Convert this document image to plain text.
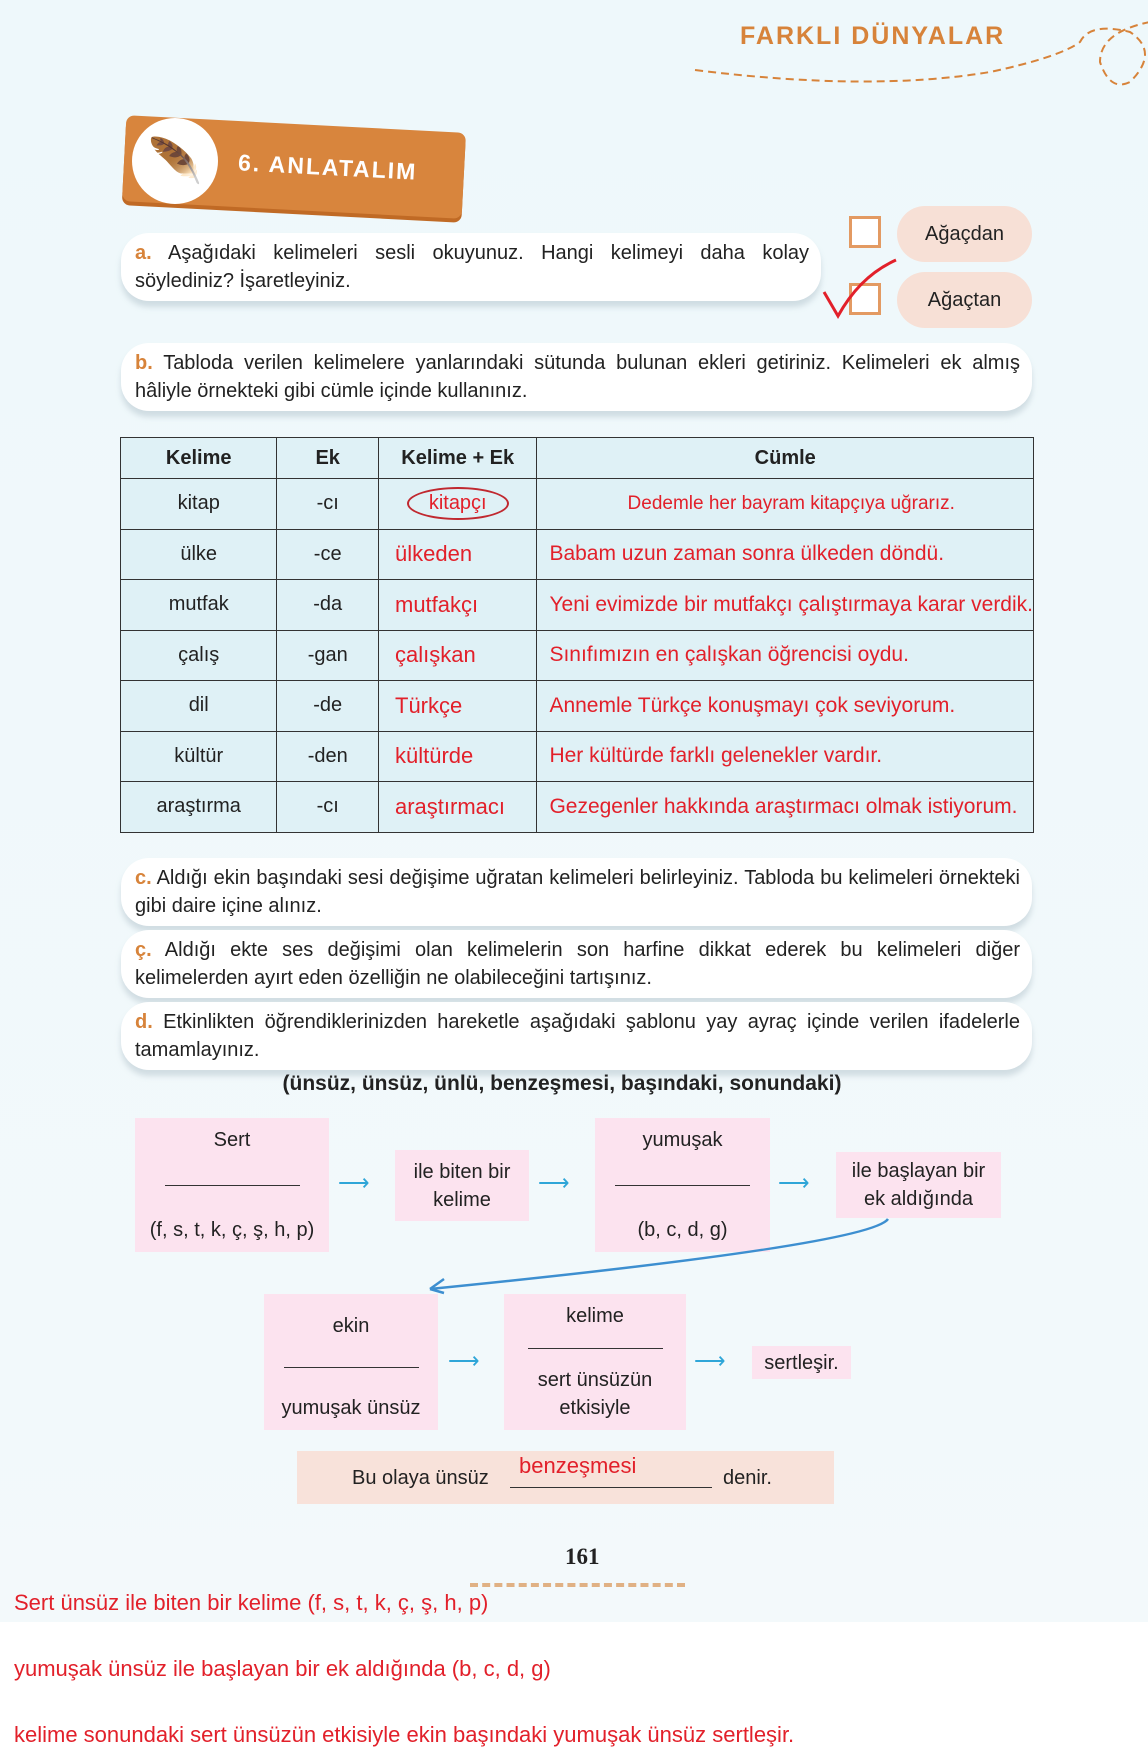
FARKLI DÜNYALAR
🪶	6. ANLATALIM
a. Aşağıdaki kelimeleri sesli okuyunuz. Hangi kelimeyi daha kolay söylediniz? İşaretleyiniz.
Ağaçdan
Ağaçtan
b. Tabloda verilen kelimelere yanlarındaki sütunda bulunan ekleri getiriniz. Kelimeleri ek almış hâliyle örnekteki gibi cümle içinde kullanınız.
Kelime	Ek	Kelime + Ek	Cümle
kitap	-cı	kitapçı	Dedemle her bayram kitapçıya uğrarız.
ülke	-ce	ülkeden	Babam uzun zaman sonra ülkeden döndü.
mutfak	-da	mutfakçı	Yeni evimizde bir mutfakçı çalıştırmaya karar verdik.
çalış	-gan	çalışkan	Sınıfımızın en çalışkan öğrencisi oydu.
dil	-de	Türkçe	Annemle Türkçe konuşmayı çok seviyorum.
kültür	-den	kültürde	Her kültürde farklı gelenekler vardır.
araştırma	-cı	araştırmacı	Gezegenler hakkında araştırmacı olmak istiyorum.
c. Aldığı ekin başındaki sesi değişime uğratan kelimeleri belirleyiniz. Tabloda bu kelimeleri örnekteki gibi daire içine alınız.
ç. Aldığı ekte ses değişimi olan kelimelerin son harfine dikkat ederek bu kelimeleri diğer kelimelerden ayırt eden özelliğin ne olabileceğini tartışınız.
d. Etkinlikten öğrendiklerinizden hareketle aşağıdaki şablonu yay ayraç içinde verilen ifadelerle tamamlayınız.
(ünsüz, ünsüz, ünlü, benzeşmesi, başındaki, sonundaki)
Sert
(f, s, t, k, ç, ş, h, p)
⟶	ile biten bir kelime
⟶
yumuşak
(b, c, d, g)
⟶	ile başlayan bir ek aldığında
ekin
yumuşak ünsüz
⟶
kelime
sert ünsüzün etkisiyle
⟶	sertleşir.
Bu olaya ünsüz benzeşmesi	denir.
161
Sert ünsüz ile biten bir kelime (f, s, t, k, ç, ş, h, p)
yumuşak ünsüz ile başlayan bir ek aldığında (b, c, d, g)
kelime sonundaki sert ünsüzün etkisiyle ekin başındaki yumuşak ünsüz sertleşir.
